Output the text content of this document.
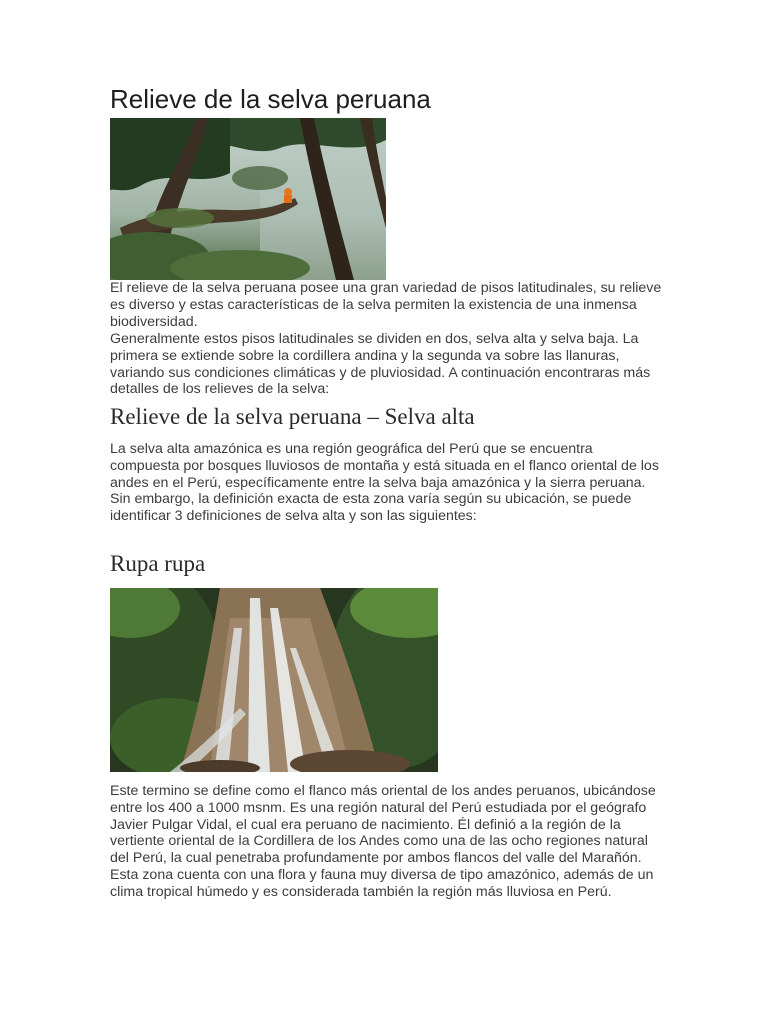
Relieve de la selva peruana

El relieve de la selva peruana posee una gran variedad de pisos latitudinales, su relieve es diverso y estas características de la selva permiten la existencia de una inmensa biodiversidad.

Generalmente estos pisos latitudinales se dividen en dos, selva alta y selva baja. La primera se extiende sobre la cordillera andina y la segunda va sobre las llanuras, variando sus condiciones climáticas y de pluviosidad. A continuación encontraras más detalles de los relieves de la selva:

Relieve de la selva peruana – Selva alta

La selva alta amazónica es una región geográfica del Perú que se encuentra compuesta por bosques lluviosos de montaña y está situada en el flanco oriental de los andes en el Perú, específicamente entre la selva baja amazónica y la sierra peruana. Sin embargo, la definición exacta de esta zona varía según su ubicación, se puede identificar 3 definiciones de selva alta y son las siguientes:

Rupa rupa

Este termino se define como el flanco más oriental de los andes peruanos, ubicándose entre los 400 a 1000 msnm. Es una región natural del Perú estudiada por el geógrafo Javier Pulgar Vidal, el cual era peruano de nacimiento. Él definió a la región de la vertiente oriental de la Cordillera de los Andes como una de las ocho regiones natural del Perú, la cual penetraba profundamente por ambos flancos del valle del Marañón. Esta zona cuenta con una flora y fauna muy diversa de tipo amazónico, además de un clima tropical húmedo y es considerada también la región más lluviosa en Perú.
